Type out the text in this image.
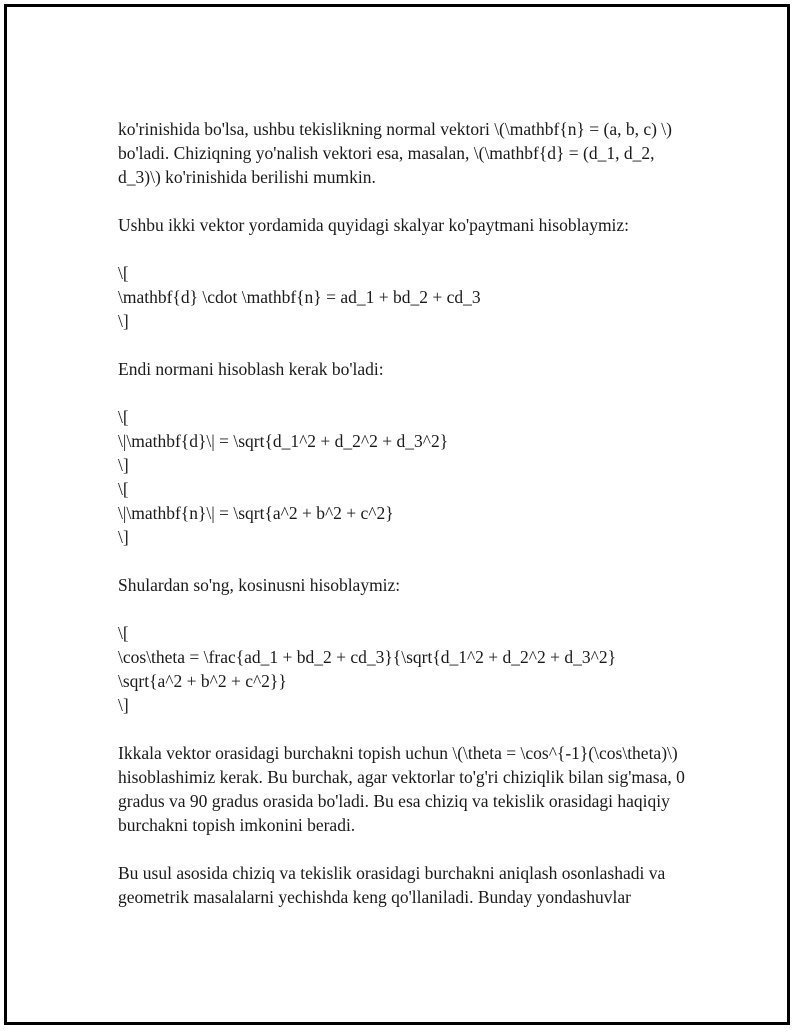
ko'rinishida bo'lsa, ushbu tekislikning normal vektori \(\mathbf{n} = (a, b, c) \) bo'ladi. Chiziqning yo'nalish vektori esa, masalan, \(\mathbf{d} = (d_1, d_2, d_3)\) ko'rinishida berilishi mumkin.

Ushbu ikki vektor yordamida quyidagi skalyar ko'paytmani hisoblaymiz:

\[
\mathbf{d} \cdot \mathbf{n} = ad_1 + bd_2 + cd_3
\]

Endi normani hisoblash kerak bo'ladi:

\[
\|\mathbf{d}\| = \sqrt{d_1^2 + d_2^2 + d_3^2}
\]
\[
\|\mathbf{n}\| = \sqrt{a^2 + b^2 + c^2}
\]

Shulardan so'ng, kosinusni hisoblaymiz:

\[
\cos\theta = \frac{ad_1 + bd_2 + cd_3}{\sqrt{d_1^2 + d_2^2 + d_3^2}
\sqrt{a^2 + b^2 + c^2}}
\]

Ikkala vektor orasidagi burchakni topish uchun \(\theta = \cos^{-1}(\cos\theta)\) hisoblashimiz kerak. Bu burchak, agar vektorlar to'g'ri chiziqlik bilan sig'masa, 0 gradus va 90 gradus orasida bo'ladi. Bu esa chiziq va tekislik orasidagi haqiqiy burchakni topish imkonini beradi.

Bu usul asosida chiziq va tekislik orasidagi burchakni aniqlash osonlashadi va geometrik masalalarni yechishda keng qo'llaniladi. Bunday yondashuvlar
